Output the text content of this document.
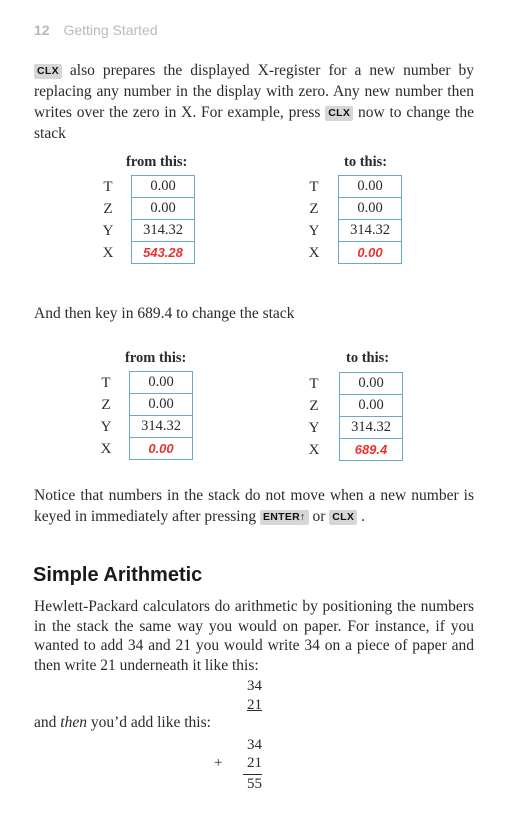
12 Getting Started
CLX also prepares the displayed X-register for a new number by replacing any number in the display with zero. Any new number then writes over the zero in X. For example, press CLX now to change the stack
from this:
T
Z
Y
X
0.00
0.00
314.32
543.28
to this:
T
Z
Y
X
0.00
0.00
314.32
0.00
And then key in 689.4 to change the stack
from this:
T
Z
Y
X
0.00
0.00
314.32
0.00
to this:
T
Z
Y
X
0.00
0.00
314.32
689.4
Notice that numbers in the stack do not move when a new number is keyed in immediately after pressing ENTER↑ or CLX .
Simple Arithmetic
Hewlett-Packard calculators do arithmetic by positioning the numbers in the stack the same way you would on paper. For instance, if you wanted to add 34 and 21 you would write 34 on a piece of paper and then write 21 underneath it like this:
34
21
and then you’d add like this:
34
+	21
55
